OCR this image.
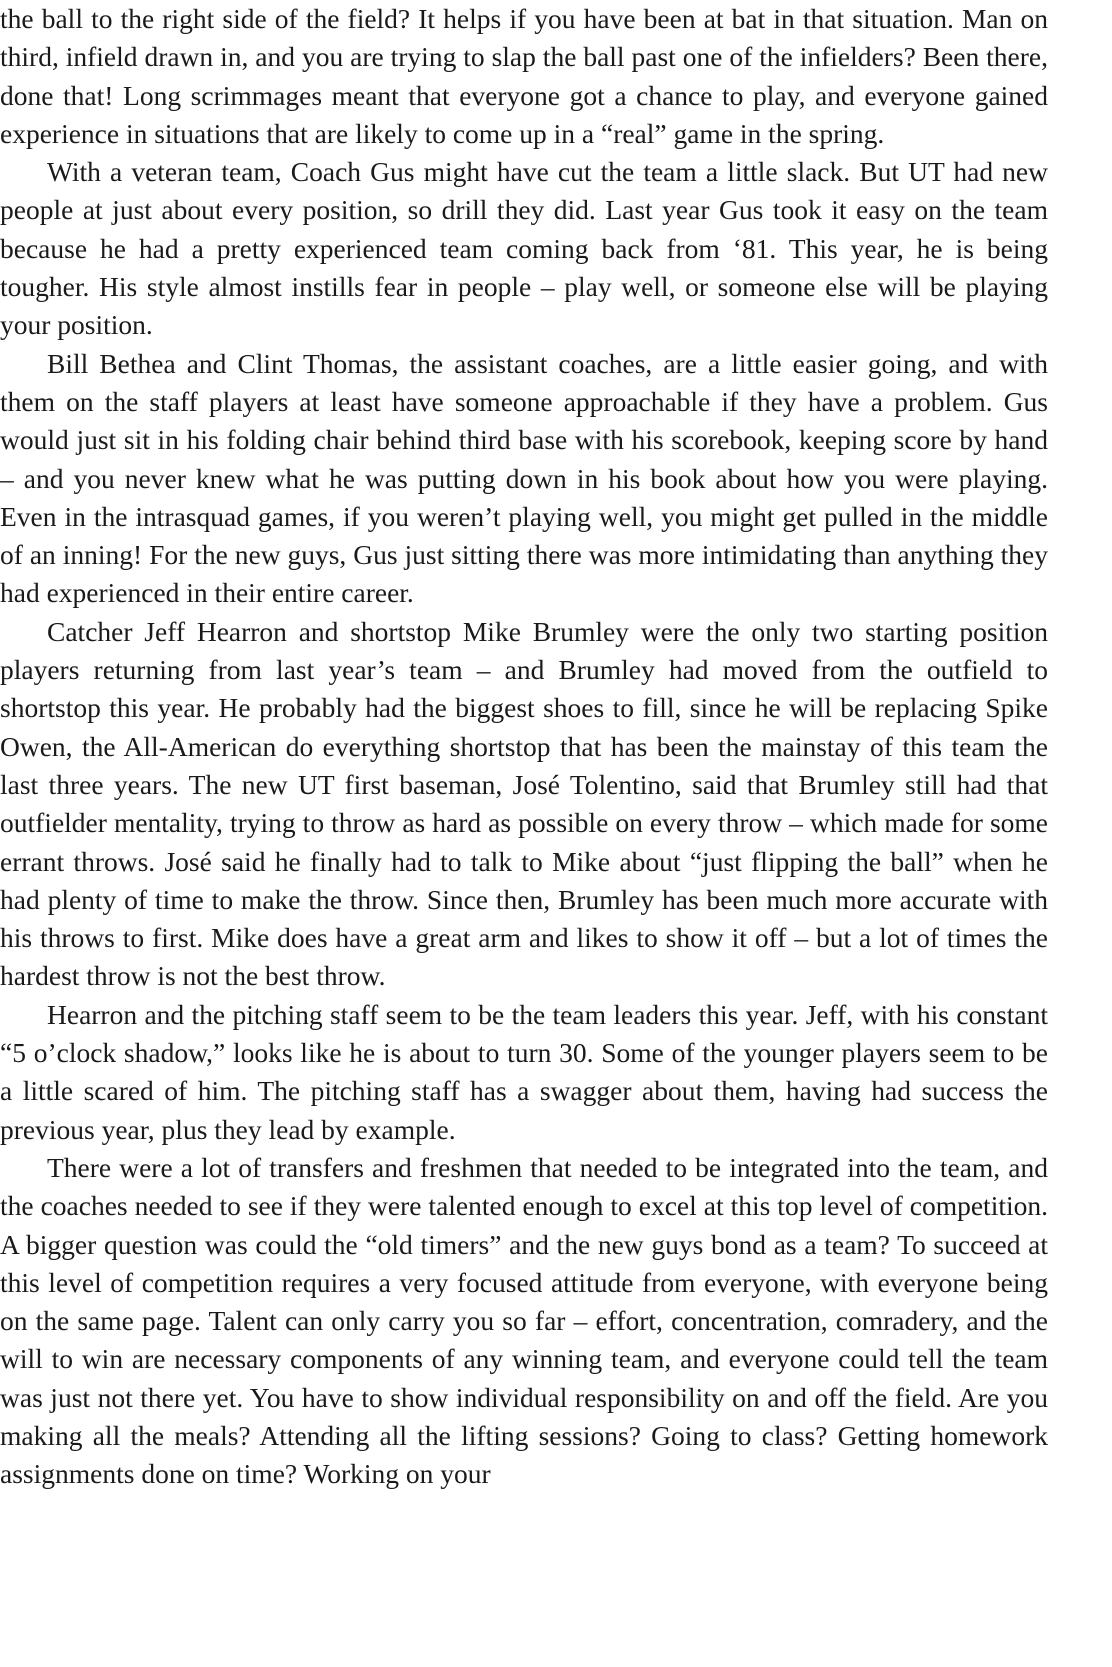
the ball to the right side of the field? It helps if you have been at bat in that situation. Man on third, infield drawn in, and you are trying to slap the ball past one of the infielders? Been there, done that! Long scrimmages meant that everyone got a chance to play, and everyone gained experience in situations that are likely to come up in a “real” game in the spring.

With a veteran team, Coach Gus might have cut the team a little slack. But UT had new people at just about every position, so drill they did. Last year Gus took it easy on the team because he had a pretty experienced team coming back from ‘81. This year, he is being tougher. His style almost instills fear in people – play well, or someone else will be playing your position.

Bill Bethea and Clint Thomas, the assistant coaches, are a little easier going, and with them on the staff players at least have someone approachable if they have a problem. Gus would just sit in his folding chair behind third base with his scorebook, keeping score by hand – and you never knew what he was putting down in his book about how you were playing. Even in the intrasquad games, if you weren’t playing well, you might get pulled in the middle of an inning! For the new guys, Gus just sitting there was more intimidating than anything they had experienced in their entire career.

Catcher Jeff Hearron and shortstop Mike Brumley were the only two starting position players returning from last year’s team – and Brumley had moved from the outfield to shortstop this year. He probably had the biggest shoes to fill, since he will be replacing Spike Owen, the All-American do everything shortstop that has been the mainstay of this team the last three years. The new UT first baseman, José Tolentino, said that Brumley still had that outfielder mentality, trying to throw as hard as possible on every throw – which made for some errant throws. José said he finally had to talk to Mike about “just flipping the ball” when he had plenty of time to make the throw. Since then, Brumley has been much more accurate with his throws to first. Mike does have a great arm and likes to show it off – but a lot of times the hardest throw is not the best throw.

Hearron and the pitching staff seem to be the team leaders this year. Jeff, with his constant “5 o’clock shadow,” looks like he is about to turn 30. Some of the younger players seem to be a little scared of him. The pitching staff has a swagger about them, having had success the previous year, plus they lead by example.

There were a lot of transfers and freshmen that needed to be integrated into the team, and the coaches needed to see if they were talented enough to excel at this top level of competition. A bigger question was could the “old timers” and the new guys bond as a team? To succeed at this level of competition requires a very focused attitude from everyone, with everyone being on the same page. Talent can only carry you so far – effort, concentration, comradery, and the will to win are necessary components of any winning team, and everyone could tell the team was just not there yet. You have to show individual responsibility on and off the field. Are you making all the meals? Attending all the lifting sessions? Going to class? Getting homework assignments done on time? Working on your
